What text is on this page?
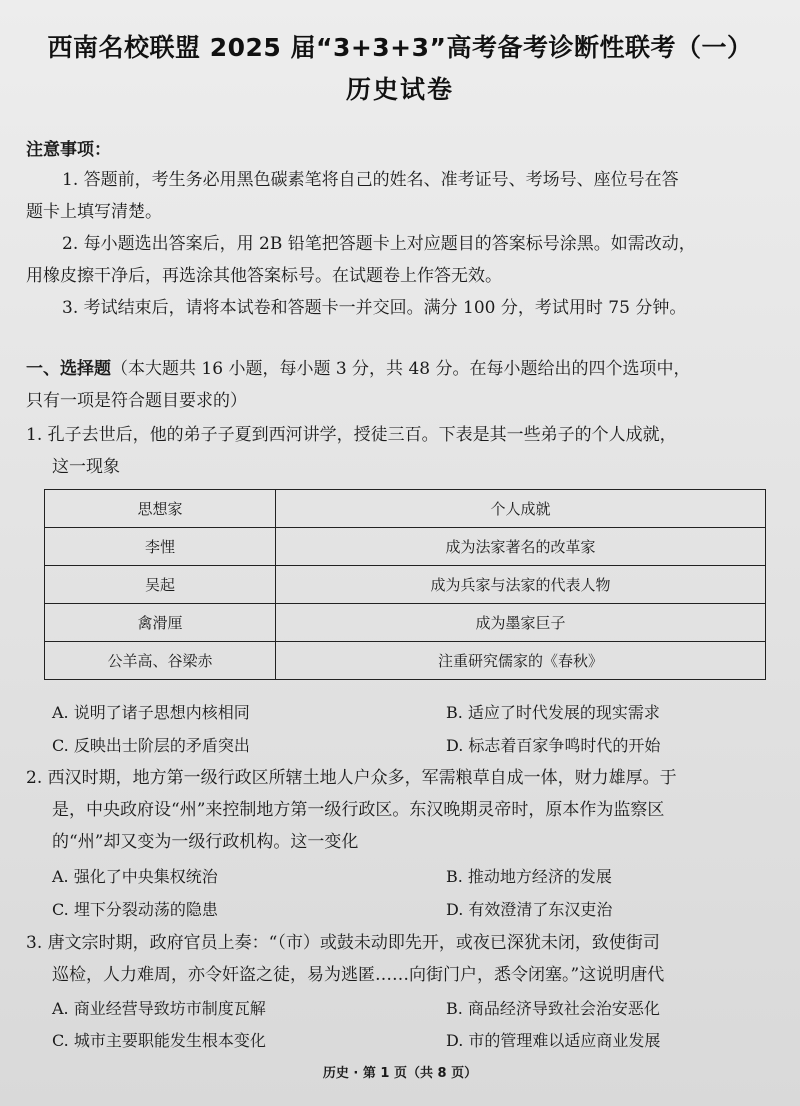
西南名校联盟 2025 届“3+3+3”高考备考诊断性联考（一）
历史试卷
注意事项：
1. 答题前，考生务必用黑色碳素笔将自己的姓名、准考证号、考场号、座位号在答
题卡上填写清楚。
2. 每小题选出答案后，用 2B 铅笔把答题卡上对应题目的答案标号涂黑。如需改动，
用橡皮擦干净后，再选涂其他答案标号。在试题卷上作答无效。
3. 考试结束后，请将本试卷和答题卡一并交回。满分 100 分，考试用时 75 分钟。
一、选择题（本大题共 16 小题，每小题 3 分，共 48 分。在每小题给出的四个选项中，
只有一项是符合题目要求的）
1. 孔子去世后，他的弟子子夏到西河讲学，授徒三百。下表是其一些弟子的个人成就，
这一现象
思想家	个人成就
李悝	成为法家著名的改革家
吴起	成为兵家与法家的代表人物
禽滑厘	成为墨家巨子
公羊高、谷梁赤	注重研究儒家的《春秋》
A. 说明了诸子思想内核相同	B. 适应了时代发展的现实需求
C. 反映出士阶层的矛盾突出	D. 标志着百家争鸣时代的开始
2. 西汉时期，地方第一级行政区所辖土地人户众多，军需粮草自成一体，财力雄厚。于
是，中央政府设“州”来控制地方第一级行政区。东汉晚期灵帝时，原本作为监察区
的“州”却又变为一级行政机构。这一变化
A. 强化了中央集权统治	B. 推动地方经济的发展
C. 埋下分裂动荡的隐患	D. 有效澄清了东汉吏治
3. 唐文宗时期，政府官员上奏：“（市）或鼓未动即先开，或夜已深犹未闭，致使街司
巡检，人力难周，亦令奸盗之徒，易为逃匿……向街门户，悉令闭塞。”这说明唐代
A. 商业经营导致坊市制度瓦解	B. 商品经济导致社会治安恶化
C. 城市主要职能发生根本变化	D. 市的管理难以适应商业发展
历史 · 第 1 页（共 8 页）
